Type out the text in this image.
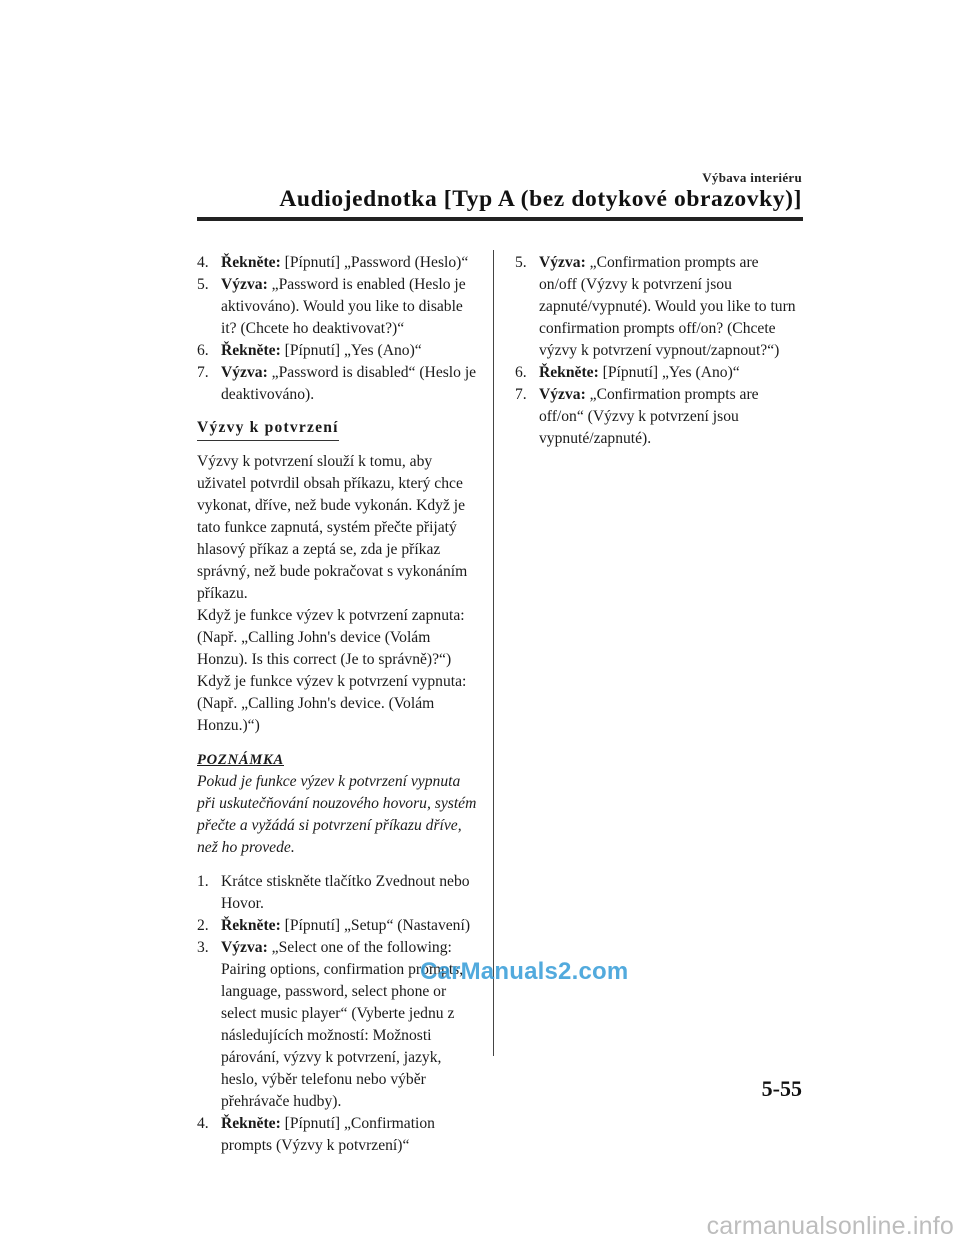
Výbava interiéru
Audiojednotka [Typ A (bez dotykové obrazovky)]
4. Řekněte: [Pípnutí] „Password (Heslo)“
5. Výzva: „Password is enabled (Heslo je aktivováno). Would you like to disable it? (Chcete ho deaktivovat?)“
6. Řekněte: [Pípnutí] „Yes (Ano)“
7. Výzva: „Password is disabled“ (Heslo je deaktivováno).
Výzvy k potvrzení

Výzvy k potvrzení slouží k tomu, aby uživatel potvrdil obsah příkazu, který chce vykonat, dříve, než bude vykonán. Když je tato funkce zapnutá, systém přečte přijatý hlasový příkaz a zeptá se, zda je příkaz správný, než bude pokračovat s vykonáním příkazu.

Když je funkce výzev k potvrzení zapnuta: (Např. „Calling John's device (Volám Honzu). Is this correct (Je to správně)?“)

Když je funkce výzev k potvrzení vypnuta: (Např. „Calling John's device. (Volám Honzu.)“)

POZNÁMKA

Pokud je funkce výzev k potvrzení vypnuta při uskutečňování nouzového hovoru, systém přečte a vyžádá si potvrzení příkazu dříve, než ho provede.

1. Krátce stiskněte tlačítko Zvednout nebo Hovor.
2. Řekněte: [Pípnutí] „Setup“ (Nastavení)
3. Výzva: „Select one of the following: Pairing options, confirmation prompts, language, password, select phone or select music player“ (Vyberte jednu z následujících možností: Možnosti párování, výzvy k potvrzení, jazyk, heslo, výběr telefonu nebo výběr přehrávače hudby).
4. Řekněte: [Pípnutí] „Confirmation prompts (Výzvy k potvrzení)“
5. Výzva: „Confirmation prompts are on/off (Výzvy k potvrzení jsou zapnuté/vypnuté). Would you like to turn confirmation prompts off/on? (Chcete výzvy k potvrzení vypnout/zapnout?“)
6. Řekněte: [Pípnutí] „Yes (Ano)“
7. Výzva: „Confirmation prompts are off/on“ (Výzvy k potvrzení jsou vypnuté/zapnuté).
CarManuals2.com
5-55
carmanualsonline.info
